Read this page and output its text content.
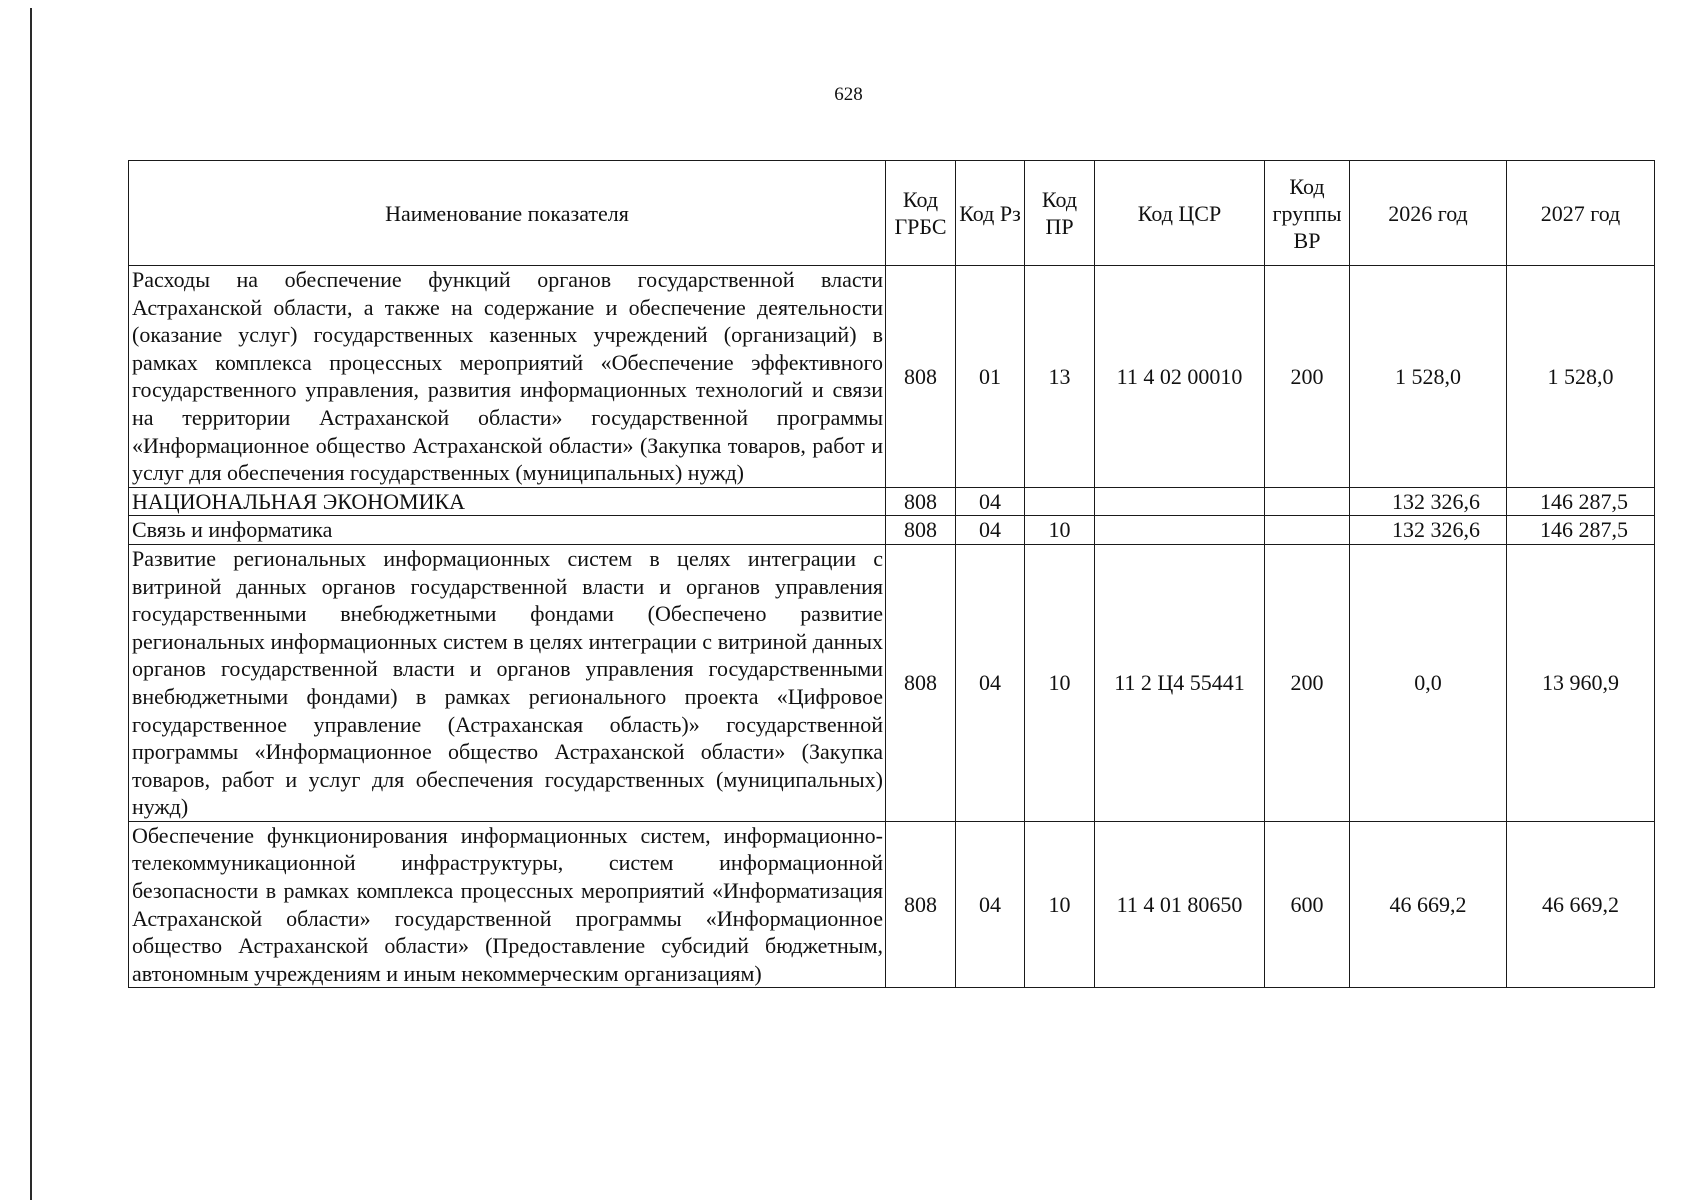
628
Наименование показателя	Код ГРБС	Код Рз	Код ПР	Код ЦСР	Код группы ВР	2026 год	2027 год
Расходы на обеспечение функций органов государственной власти Астраханской области, а также на содержание и обеспечение деятельности (оказание услуг) государственных казенных учреждений (организаций) в рамках комплекса процессных мероприятий «Обеспечение эффективного государственного управления, развития информационных технологий и связи на территории Астраханской области» государственной программы «Информационное общество Астраханской области» (Закупка товаров, работ и услуг для обеспечения государственных (муниципальных) нужд)	808	01	13	11 4 02 00010	200	1 528,0	1 528,0
НАЦИОНАЛЬНАЯ ЭКОНОМИКА	808	04				132 326,6	146 287,5
Связь и информатика	808	04	10			132 326,6	146 287,5
Развитие региональных информационных систем в целях интеграции с витриной данных органов государственной власти и органов управления государственными внебюджетными фондами (Обеспечено развитие региональных информационных систем в целях интеграции с витриной данных органов государственной власти и органов управления государственными внебюджетными фондами) в рамках регионального проекта «Цифровое государственное управление (Астраханская область)» государственной программы «Информационное общество Астраханской области» (Закупка товаров, работ и услуг для обеспечения государственных (муниципальных) нужд)	808	04	10	11 2 Ц4 55441	200	0,0	13 960,9
Обеспечение функционирования информационных систем, информационно-телекоммуникационной инфраструктуры, систем информационной безопасности в рамках комплекса процессных мероприятий «Информатизация Астраханской области» государственной программы «Информационное общество Астраханской области» (Предоставление субсидий бюджетным, автономным учреждениям и иным некоммерческим организациям)	808	04	10	11 4 01 80650	600	46 669,2	46 669,2
